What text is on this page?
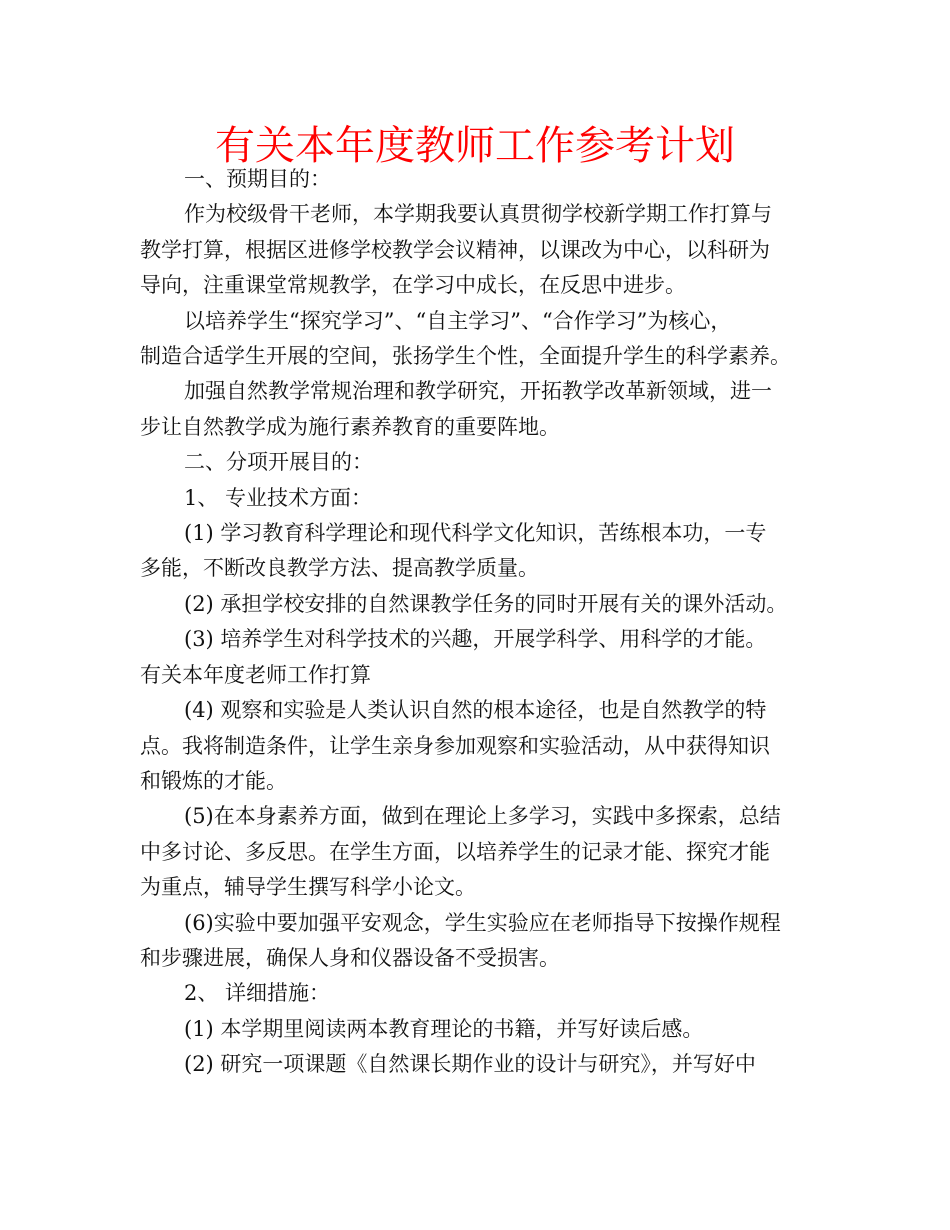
有关本年度教师工作参考计划

一、预期目的：

作为校级骨干老师，本学期我要认真贯彻学校新学期工作打算与

教学打算，根据区进修学校教学会议精神，以课改为中心，以科研为

导向，注重课堂常规教学，在学习中成长，在反思中进步。

以培养学生“探究学习”、“自主学习”、“合作学习”为核心，

制造合适学生开展的空间，张扬学生个性，全面提升学生的科学素养。

加强自然教学常规治理和教学研究，开拓教学改革新领域，进一

步让自然教学成为施行素养教育的重要阵地。

二、分项开展目的：

1、 专业技术方面：

(1) 学习教育科学理论和现代科学文化知识，苦练根本功，一专

多能，不断改良教学方法、提高教学质量。

(2) 承担学校安排的自然课教学任务的同时开展有关的课外活动。

(3) 培养学生对科学技术的兴趣，开展学科学、用科学的才能。

有关本年度老师工作打算

(4) 观察和实验是人类认识自然的根本途径，也是自然教学的特

点。我将制造条件，让学生亲身参加观察和实验活动，从中获得知识

和锻炼的才能。

(5)在本身素养方面，做到在理论上多学习，实践中多探索，总结

中多讨论、多反思。在学生方面，以培养学生的记录才能、探究才能

为重点，辅导学生撰写科学小论文。

(6)实验中要加强平安观念，学生实验应在老师指导下按操作规程

和步骤进展，确保人身和仪器设备不受损害。

2、 详细措施：

(1) 本学期里阅读两本教育理论的书籍，并写好读后感。

(2) 研究一项课题《自然课长期作业的设计与研究》，并写好中
